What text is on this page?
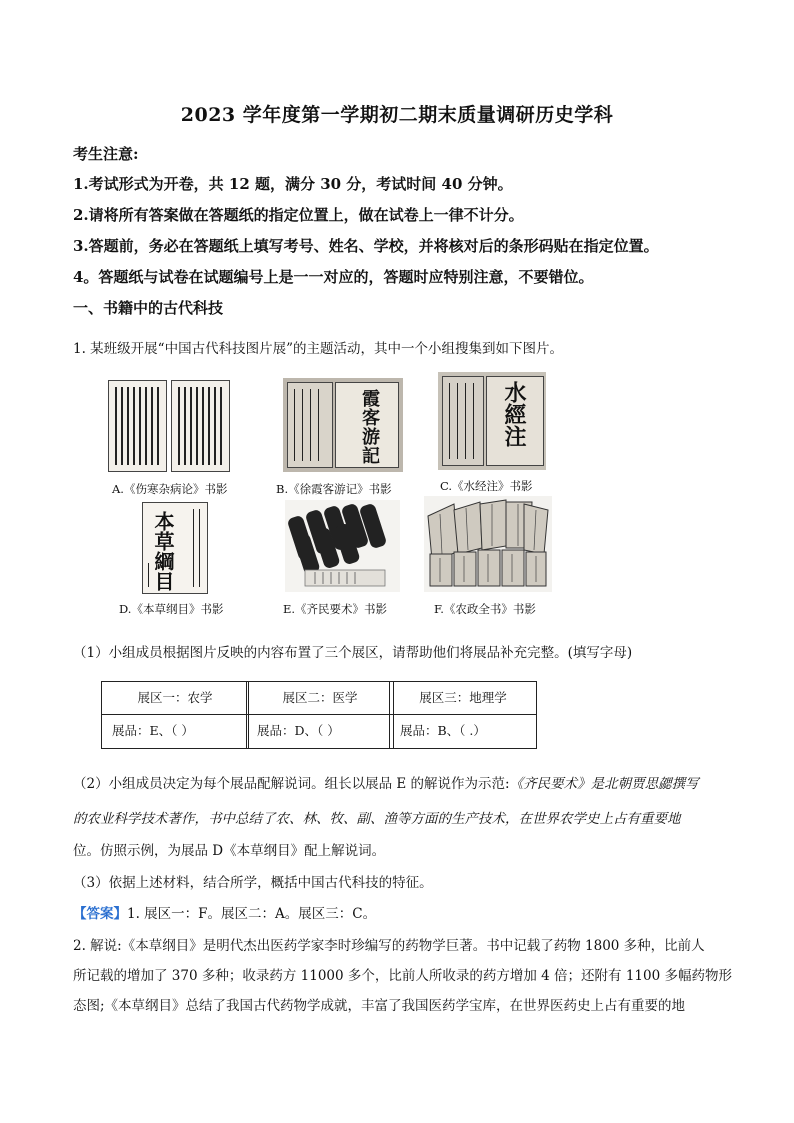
2023 学年度第一学期初二期末质量调研历史学科
考生注意:
1.考试形式为开卷，共 12 题，满分 30 分，考试时间 40 分钟。
2.请将所有答案做在答题纸的指定位置上，做在试卷上一律不计分。
3.答题前，务必在答题纸上填写考号、姓名、学校，并将核对后的条形码贴在指定位置。
4。答题纸与试卷在试题编号上是一一对应的，答题时应特别注意，不要错位。
一、书籍中的古代科技
1. 某班级开展“中国古代科技图片展”的主题活动，其中一个小组搜集到如下图片。
A.《伤寒杂病论》书影
霞客游記
B.《徐霞客游记》书影
水經注
C.《水经注》书影
本草綱目
D.《本草纲目》书影	E.《齐民要术》书影	F.《农政全书》书影
（1）小组成员根据图片反映的内容布置了三个展区，请帮助他们将展品补充完整。(填写字母)
展区一：农学
展品：E、（ ）
展区二：医学
展品：D、（ ）
展区三：地理学
展品：B、（ .）
（2）小组成员决定为每个展品配解说词。组长以展品 E 的解说作为示范:《齐民要术》是北朝贾思勰撰写
的农业科学技术著作，书中总结了农、林、牧、副、渔等方面的生产技术，在世界农学史上占有重要地
位。仿照示例，为展品 D《本草纲目》配上解说词。
（3）依据上述材料，结合所学，概括中国古代科技的特征。
【答案】1. 展区一：F。展区二：A。展区三：C。
2. 解说:《本草纲目》是明代杰出医药学家李时珍编写的药物学巨著。书中记载了药物 1800 多种，比前人
所记载的增加了 370 多种；收录药方 11000 多个，比前人所收录的药方增加 4 倍；还附有 1100 多幅药物形
态图;《本草纲目》总结了我国古代药物学成就，丰富了我国医药学宝库，在世界医药史上占有重要的地
